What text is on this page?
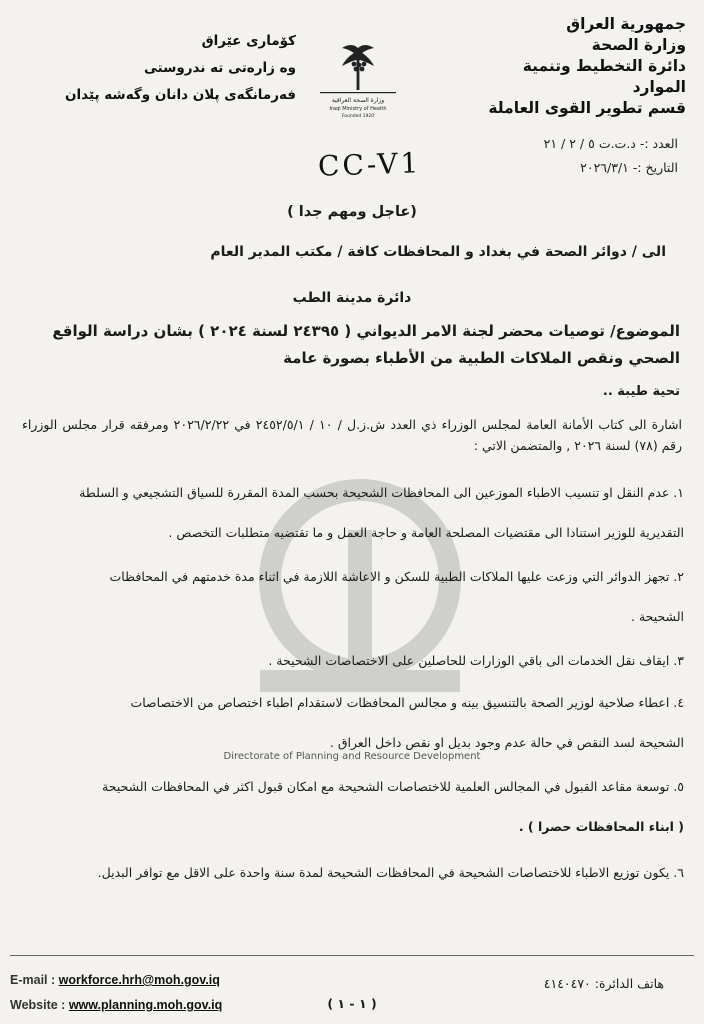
جمهورية العراق
وزارة الصحة
دائرة التخطيط وتنمية الموارد
قسم تطوير القوى العاملة
كۆماری عێراق
وه زارەتی تە ندروستی
فەرمانگەی پلان دانان وگەشە پێدان	وزارة الصحة العراقية
Iraqi Ministry of Health
Founded 1920
العدد :- د.ت.ت ٥ / ٢ / ٢١
التاريخ :- ٢٠٢٦/٣/١
CC-V1
(عاجل ومهم جدا )
الى / دوائر الصحة في بغداد و المحافظات كافة / مكتب المدير العام
دائرة مدينة الطب
الموضوع/ توصيات محضر لجنة الامر الديواني ( ٢٤٣٩٥ لسنة ٢٠٢٤ ) بشان دراسة الواقع الصحي ونقص الملاكات الطبية من الأطباء بصورة عامة
تحية طيبة ..
اشارة الى كتاب الأمانة العامة لمجلس الوزراء ذي العدد ش.ز.ل / ١٠ / ٢٤٥٢/٥/١ في ٢٠٢٦/٢/٢٢ ومرفقه قرار مجلس الوزراء رقم (٧٨) لسنة ٢٠٢٦ , والمتضمن الاتي :

١. عدم النقل او تنسيب الاطباء الموزعين الى المحافظات الشحيحة بحسب المدة المقررة للسياق التشجيعي و السلطة

التقديرية للوزير استنادا الى مقتضيات المصلحة العامة و حاجة العمل و ما تقتضيه متطلبات التخصص .

٢. تجهز الدوائر التي وزعت عليها الملاكات الطبية للسكن و الاعاشة اللازمة في اثناء مدة خدمتهم في المحافظات

الشحيحة .

٣. ايقاف نقل الخدمات الى باقي الوزارات للحاصلين على الاختصاصات الشحيحة .

٤. اعطاء صلاحية لوزير الصحة بالتنسيق بينه و مجالس المحافظات لاستقدام اطباء اختصاص من الاختصاصات

الشحيحة لسد النقص في حالة عدم وجود بديل او نقص داخل العراق .

Directorate of Planning and Resource Development

٥. توسعة مقاعد القبول في المجالس العلمية للاختصاصات الشحيحة مع امكان قبول اكثر في المحافظات الشحيحة

( ابناء المحافظات حصرا ) .

٦. يكون توزيع الاطباء للاختصاصات الشحيحة في المحافظات الشحيحة لمدة سنة واحدة على الاقل مع توافر البديل.

E-mail : workforce.hrh@moh.gov.iq
Website : www.planning.moh.gov.iq
هاتف الدائرة: ٤١٤٠٤٧٠
( ١ - ١ )
